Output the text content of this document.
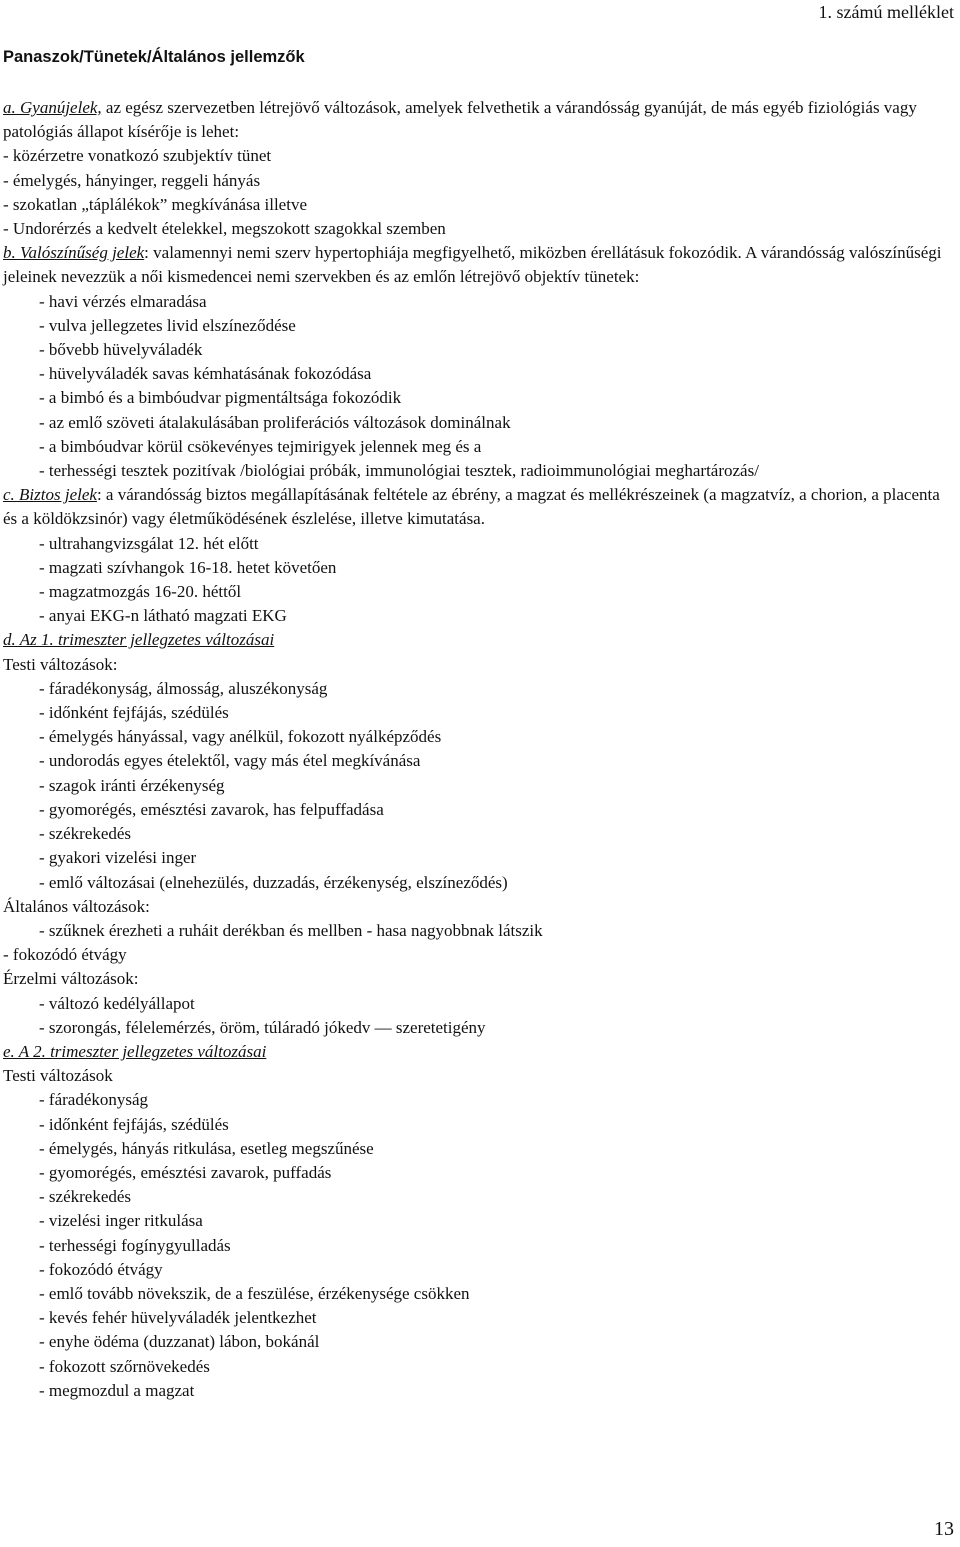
1. számú melléklet
Panaszok/Tünetek/Általános jellemzők
a. Gyanújelek, az egész szervezetben létrejövő változások, amelyek felvethetik a várandósság gyanúját, de más egyéb fiziológiás vagy patológiás állapot kísérője is lehet:
- közérzetre vonatkozó szubjektív tünet
- émelygés, hányinger, reggeli hányás
- szokatlan „táplálékok” megkívánása illetve
- Undorérzés a kedvelt ételekkel, megszokott szagokkal szemben
b. Valószínűség jelek: valamennyi nemi szerv hypertophiája megfigyelhető, miközben érellátásuk fokozódik. A várandósság valószínűségi jeleinek nevezzük a női kismedencei nemi szervekben és az emlőn létrejövő objektív tünetek:
- havi vérzés elmaradása
- vulva jellegzetes livid elszíneződése
- bővebb hüvelyváladék
- hüvelyváladék savas kémhatásának fokozódása
- a bimbó és a bimbóudvar pigmentáltsága fokozódik
- az emlő szöveti átalakulásában proliferációs változások dominálnak
- a bimbóudvar körül csökevényes tejmirigyek jelennek meg és a
- terhességi tesztek pozitívak /biológiai próbák, immunológiai tesztek, radioimmunológiai meghartározás/
c. Biztos jelek: a várandósság biztos megállapításának feltétele az ébrény, a magzat és mellékrészeinek (a magzatvíz, a chorion, a placenta és a köldökzsinór) vagy életműködésének észlelése, illetve kimutatása.
- ultrahangvizsgálat 12. hét előtt
- magzati szívhangok 16-18. hetet követően
- magzatmozgás 16-20. héttől
- anyai EKG-n látható magzati EKG
d. Az 1. trimeszter jellegzetes változásai
Testi változások:
- fáradékonyság, álmosság, aluszékonyság
- időnként fejfájás, szédülés
- émelygés hányással, vagy anélkül, fokozott nyálképződés
- undorodás egyes ételektől, vagy más étel megkívánása
- szagok iránti érzékenység
- gyomorégés, emésztési zavarok, has felpuffadása
- székrekedés
- gyakori vizelési inger
- emlő változásai (elnehezülés, duzzadás, érzékenység, elszíneződés)
Általános változások:
- szűknek érezheti a ruháit derékban és mellben - hasa nagyobbnak látszik
- fokozódó étvágy
Érzelmi változások:
- változó kedélyállapot
- szorongás, félelemérzés, öröm, túláradó jókedv — szeretetigény
e. A 2. trimeszter jellegzetes változásai
Testi változások
- fáradékonyság
- időnként fejfájás, szédülés
- émelygés, hányás ritkulása, esetleg megszűnése
- gyomorégés, emésztési zavarok, puffadás
- székrekedés
- vizelési inger ritkulása
- terhességi fogínygyulladás
- fokozódó étvágy
- emlő tovább növekszik, de a feszülése, érzékenysége csökken
- kevés fehér hüvelyváladék jelentkezhet
- enyhe ödéma (duzzanat) lábon, bokánál
- fokozott szőrnövekedés
- megmozdul a magzat
13
